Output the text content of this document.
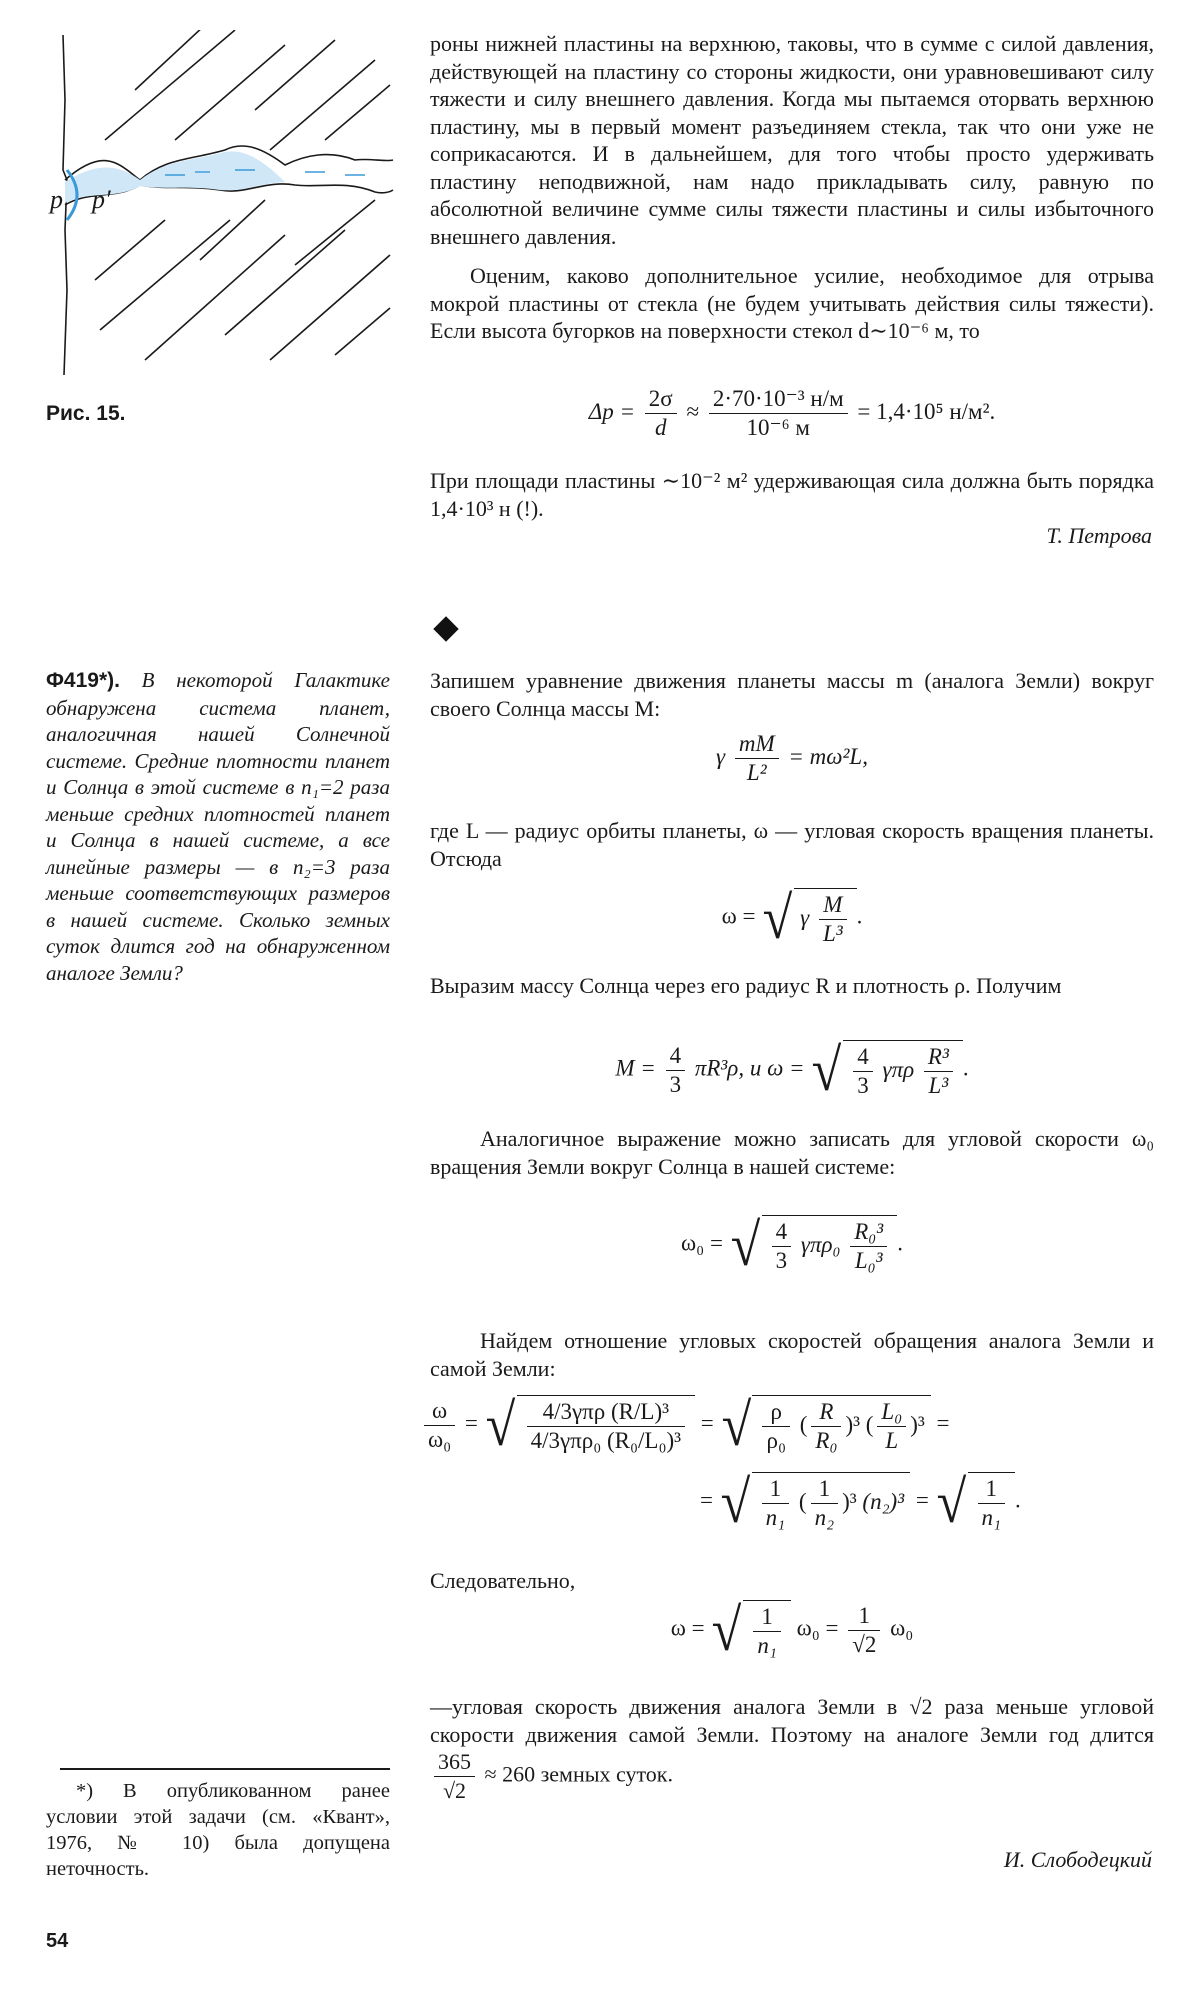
p p′
Рис. 15.
роны нижней пластины на верхнюю, таковы, что в сумме с силой давления, действующей на пластину со стороны жидкости, они уравновешивают силу тяжести и силу внешнего давления. Когда мы пытаемся оторвать верхнюю пластину, мы в первый момент разъединяем стекла, так что они уже не соприкасаются. И в дальнейшем, для того чтобы просто удерживать пластину неподвижной, нам надо прикладывать силу, равную по абсолютной величине сумме силы тяжести пластины и силы избыточного внешнего давления.
Оценим, каково дополнительное усилие, необходимое для отрыва мокрой пластины от стекла (не будем учитывать действия силы тяжести). Если высота бугорков на поверхности стекол d∼10⁻⁶ м, то
$\Delta p = \frac{2\sigma}{d} \approx \frac{\text{2·70·10⁻³ н/м}}{\text{10⁻⁶ м}} = 1,4\cdot 10^5$ н/м².
При площади пластины ∼10⁻² м² удерживающая сила должна быть порядка 1,4·10³ н (!).
Т. Петрова
Ф419*). В некоторой Галактике обнаружена система планет, аналогичная нашей Солнечной системе. Средние плотности планет и Солнца в этой системе в n₁=2 раза меньше средних плотностей планет и Солнца в нашей системе, а все линейные размеры — в n₂=3 раза меньше соответствующих размеров в нашей системе. Сколько земных суток длится год на обнаруженном аналоге Земли?
Запишем уравнение движения планеты массы m (аналога Земли) вокруг своего Солнца массы M:
γ $\frac{mM}{\text{L²}} = m\omega^2L$,
где L — радиус орбиты планеты, ω — угловая скорость вращения планеты. Отсюда
ω = √ γ $\frac{M}{\text{L³}}$ .
Выразим массу Солнца через его радиус R и плотность ρ. Получим
$M = \frac{4}{3} \pi R^3\rho$, и ω = √ $\frac{4}{3}$ γπρ $\frac{\text{R³}}{\text{L³}}$ .
Аналогичное выражение можно записать для угловой скорости ω₀ вращения Земли вокруг Солнца в нашей системе:
ω₀ = √ $\frac{4}{3} \gamma\pi\rho_0 \frac{\text{R₀³}}{\text{L₀³}}$ .
Найдем отношение угловых скоростей обращения аналога Земли и самой Земли:
$\frac{\omega}{\text{ω₀}}$ = √ $\frac{\text{4/3γπρ (R/L)³}}{\text{4/3γπρ₀ (R₀/L₀)³}}$ = √ $\frac{\rho}{\text{ρ₀}}$ ( $\frac{R}{\text{R₀}} )^3$ ( $\frac{\text{L₀}}{L} )^3$ =
= √ $\frac{1}{\text{n₁}}$ ( $\frac{1}{\text{n₂}} )^3$ (n₂)³ = √ $\frac{1}{\text{n₁}}$ .
Следовательно,
ω = √ $\frac{1}{\text{n₁}} \omega_0 = \frac{1}{√2} \omega_0$
—угловая скорость движения аналога Земли в √2 раза меньше угловой скорости движения самой Земли. Поэтому на аналоге Земли год длится
$\frac{365}{√2} \approx 260$ земных суток.
И. Слободецкий
*) В опубликованном ранее условии этой задачи (см. «Квант», 1976, № 10) была допущена неточность.
54
